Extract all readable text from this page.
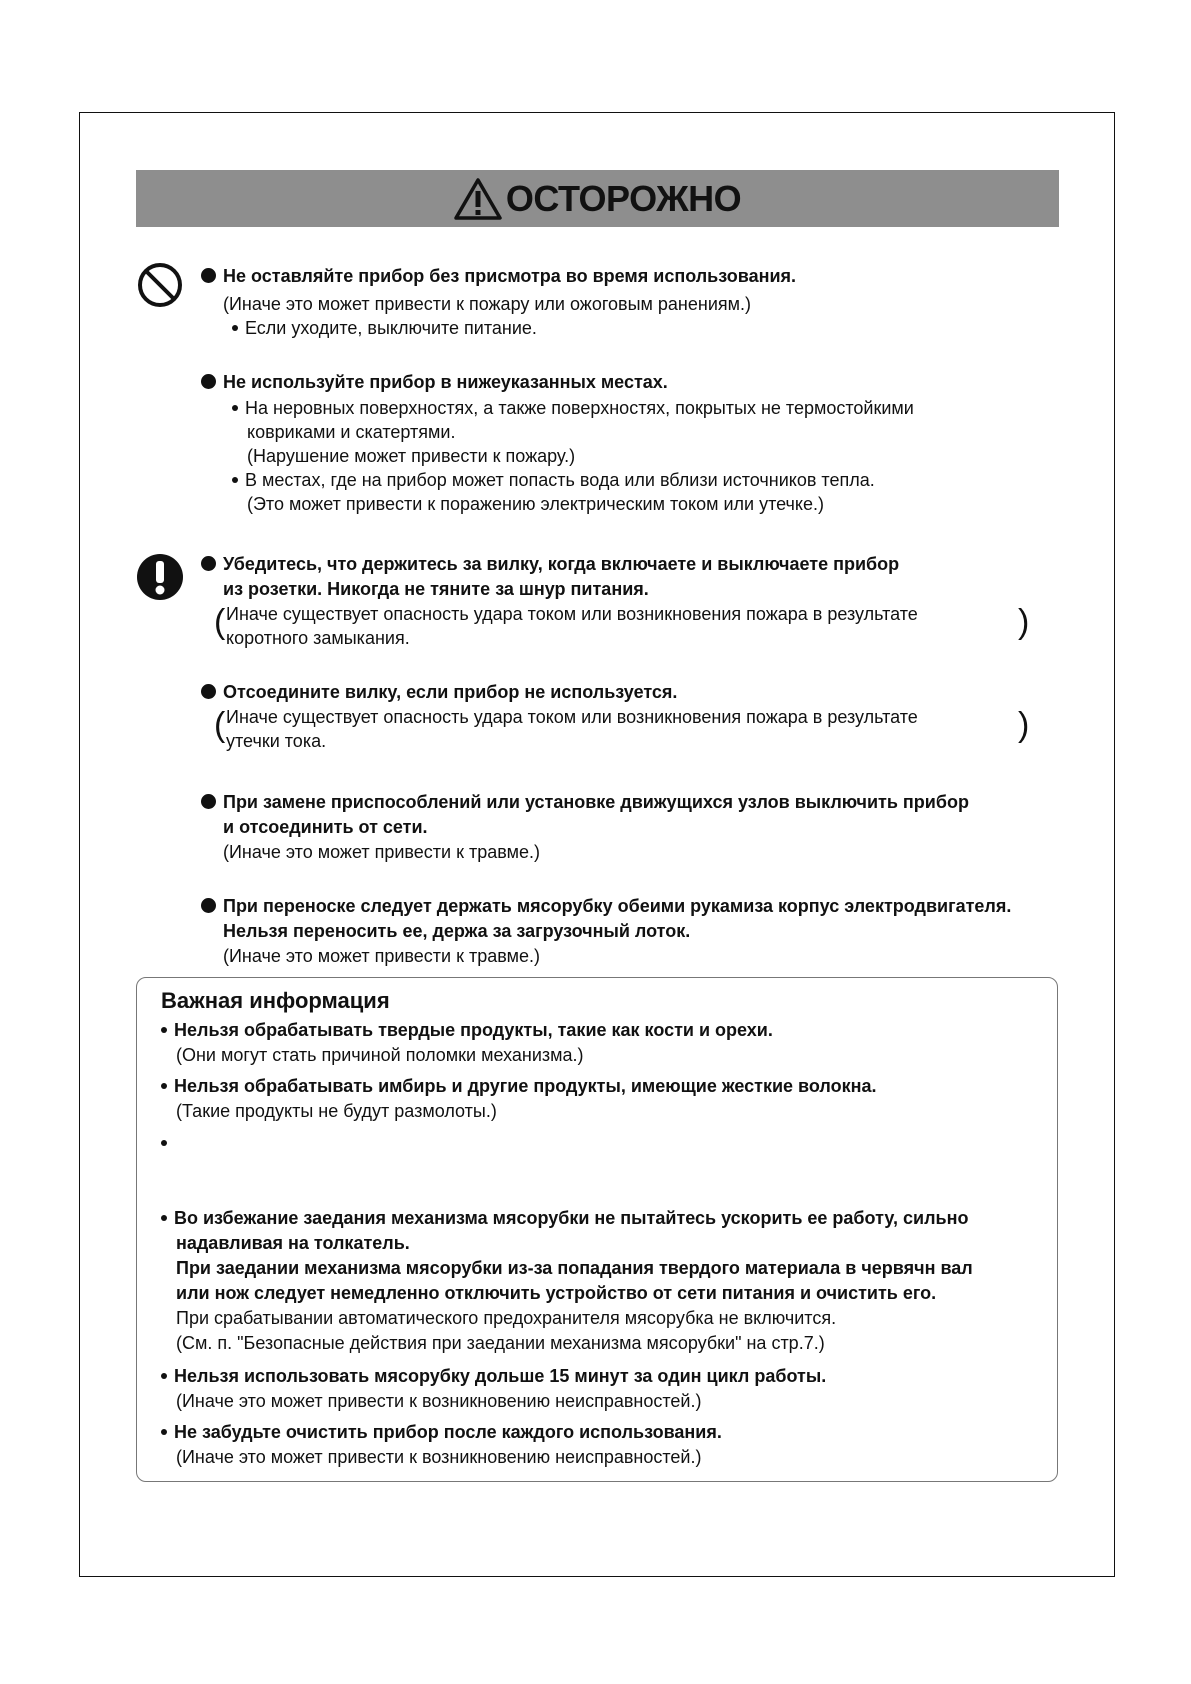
ОСТОРОЖНО
Не оставляйте прибор без присмотра во время использования.
(Иначе это может привести к пожару или ожоговым ранениям.)
Если уходите, выключите питание.
Не используйте прибор в нижеуказанных местах.
На неровных поверхностях, а также поверхностях, покрытых не термостойкими
ковриками и скатертями.
(Нарушение может привести к пожару.)
В местах, где на прибор может попасть вода или вблизи источников тепла.
(Это может привести к поражению электрическим током или утечке.)
Убедитесь, что держитесь за вилку, когда включаете и выключаете прибор
из розетки. Никогда не тяните за шнур питания.
( Иначе существует опасность удара током или возникновения пожара в результате
коротного замыкания.	)
Отсоедините вилку, если прибор не используется.
( Иначе существует опасность удара током или возникновения пожара в результате
утечки тока.	)
При замене приспособлений или установке движущихся узлов выключить прибор
и отсоединить от сети.
(Иначе это может привести к травме.)
При переноске следует держать мясорубку обеими рукамиза корпус электродвигателя.
Нельзя переносить ее, держа за загрузочный лоток.
(Иначе это может привести к травме.)
Важная информация
Нельзя обрабатывать твердые продукты, такие как кости и орехи.
(Они могут стать причиной поломки механизма.)
Нельзя обрабатывать имбирь и другие продукты, имеющие жесткие волокна.
(Такие продукты не будут размолоты.)
Во избежание заедания механизма мясорубки не пытайтесь ускорить ее работу, сильно
надавливая на толкатель.
При заедании механизма мясорубки из-за попадания твердого материала в червячн вал
или нож следует немедленно отключить устройство от сети питания и очистить его.
При срабатывании автоматического предохранителя мясорубка не включится.
(См. п. "Безопасные действия при заедании механизма мясорубки" на стр.7.)
Нельзя использовать мясорубку дольше 15 минут за один цикл работы.
(Иначе это может привести к возникновению неисправностей.)
Не забудьте очистить прибор после каждого использования.
(Иначе это может привести к возникновению неисправностей.)
